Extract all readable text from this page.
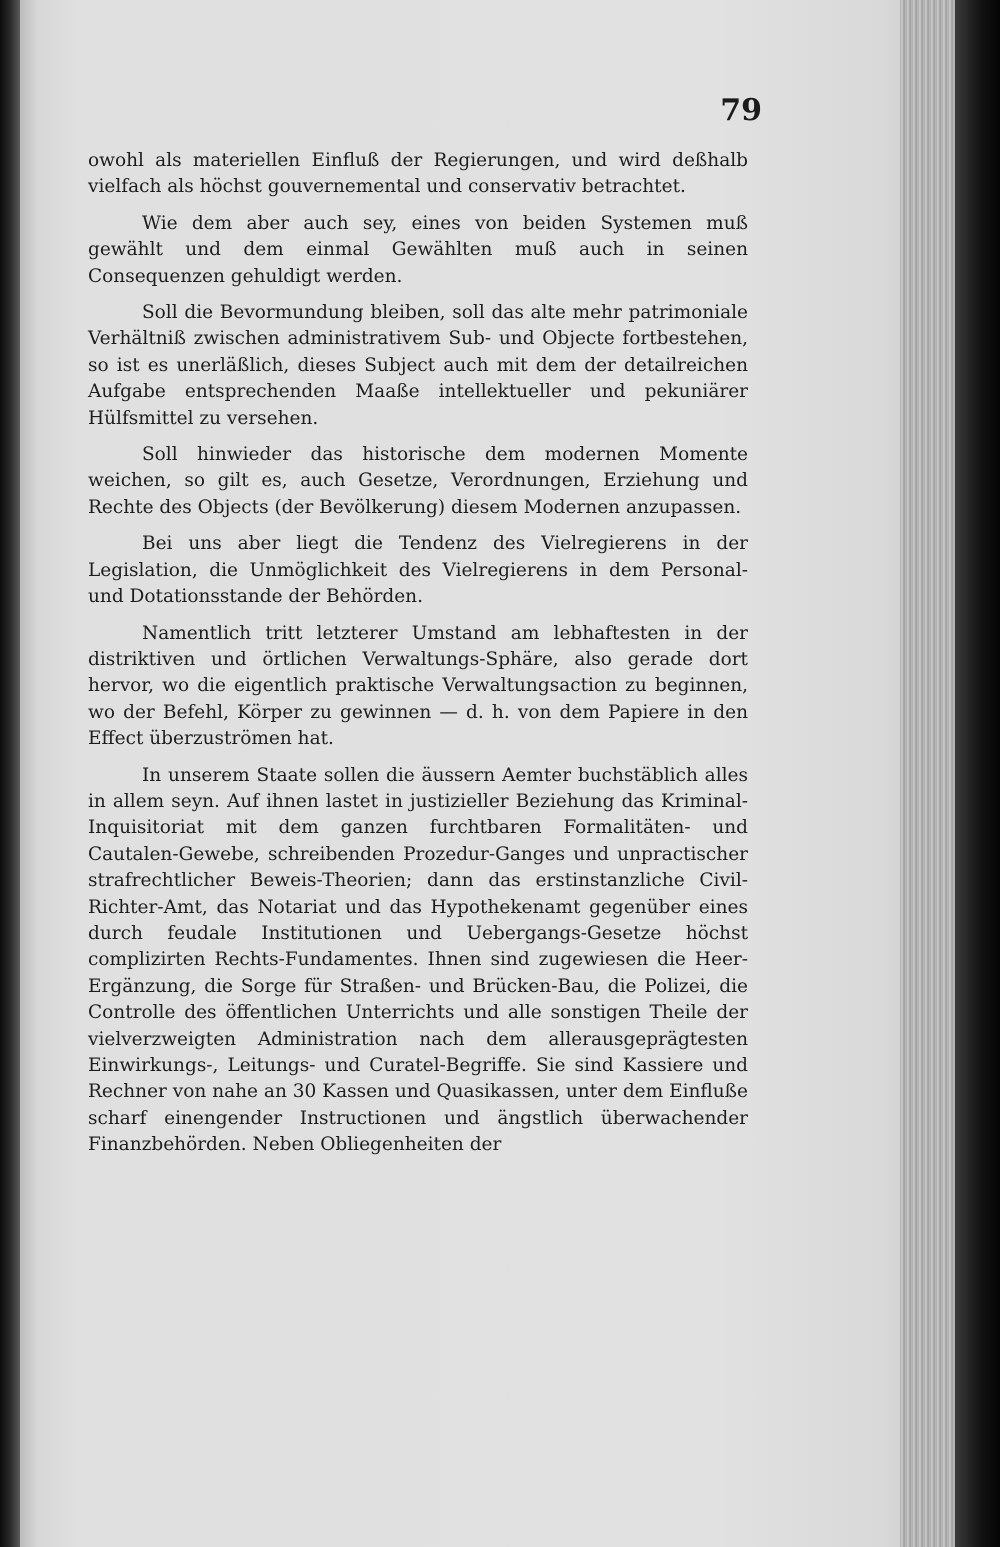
79

owohl als materiellen Einfluß der Regierungen, und wird deßhalb vielfach als höchst gouvernemental und conservativ betrachtet.

Wie dem aber auch sey, eines von beiden Systemen muß gewählt und dem einmal Gewählten muß auch in seinen Consequenzen gehuldigt werden.

Soll die Bevormundung bleiben, soll das alte mehr patrimoniale Verhältniß zwischen administrativem Sub- und Objecte fortbestehen, so ist es unerläßlich, dieses Subject auch mit dem der detailreichen Aufgabe entsprechenden Maaße intellektueller und pekuniärer Hülfsmittel zu versehen.

Soll hinwieder das historische dem modernen Momente weichen, so gilt es, auch Gesetze, Verordnungen, Erziehung und Rechte des Objects (der Bevölkerung) diesem Modernen anzupassen.

Bei uns aber liegt die Tendenz des Vielregierens in der Legislation, die Unmöglichkeit des Vielregierens in dem Personal- und Dotationsstande der Behörden.

Namentlich tritt letzterer Umstand am lebhaftesten in der distriktiven und örtlichen Verwaltungs-Sphäre, also gerade dort hervor, wo die eigentlich praktische Verwaltungsaction zu beginnen, wo der Befehl, Körper zu gewinnen — d. h. von dem Papiere in den Effect überzuströmen hat.

In unserem Staate sollen die äussern Aemter buchstäblich alles in allem seyn. Auf ihnen lastet in justizieller Beziehung das Kriminal-Inquisitoriat mit dem ganzen furchtbaren Formalitäten- und Cautalen-Gewebe, schreibenden Prozedur-Ganges und unpractischer strafrechtlicher Beweis-Theorien; dann das erstinstanzliche Civil-Richter-Amt, das Notariat und das Hypothekenamt gegenüber eines durch feudale Institutionen und Uebergangs-Gesetze höchst complizirten Rechts-Fundamentes. Ihnen sind zugewiesen die Heer-Ergänzung, die Sorge für Straßen- und Brücken-Bau, die Polizei, die Controlle des öffentlichen Unterrichts und alle sonstigen Theile der vielverzweigten Administration nach dem allerausgeprägtesten Einwirkungs-, Leitungs- und Curatel-Begriffe. Sie sind Kassiere und Rechner von nahe an 30 Kassen und Quasikassen, unter dem Einfluße scharf einengender Instructionen und ängstlich überwachender Finanzbehörden. Neben Obliegenheiten der
